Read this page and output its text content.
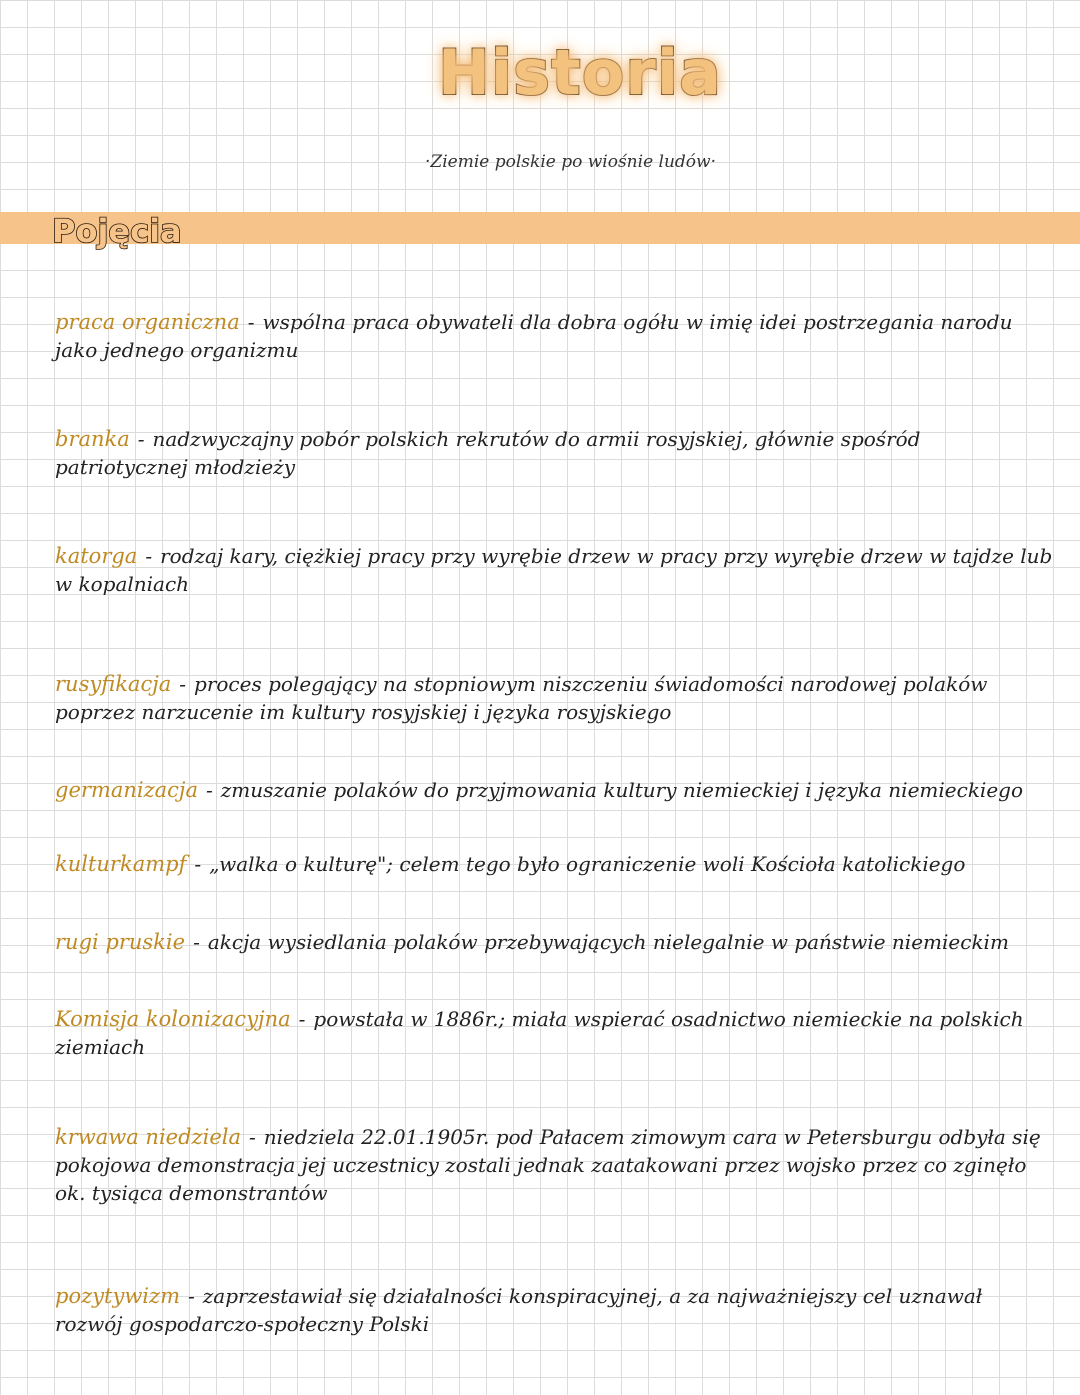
Historia
·Ziemie polskie po wiośnie ludów·
Pojęcia
praca organiczna - wspólna praca obywateli dla dobra ogółu w imię idei postrzegania narodu jako jednego organizmu
branka - nadzwyczajny pobór polskich rekrutów do armii rosyjskiej, głównie spośród patriotycznej młodzieży
katorga - rodzaj kary, ciężkiej pracy przy wyrębie drzew w pracy przy wyrębie drzew w tajdze lub w kopalniach
rusyfikacja - proces polegający na stopniowym niszczeniu świadomości narodowej polaków poprzez narzucenie im kultury rosyjskiej i języka rosyjskiego
germanizacja - zmuszanie polaków do przyjmowania kultury niemieckiej i języka niemieckiego
kulturkampf - „walka o kulturę"; celem tego było ograniczenie woli Kościoła katolickiego
rugi pruskie - akcja wysiedlania polaków przebywających nielegalnie w państwie niemieckim
Komisja kolonizacyjna - powstała w 1886r.; miała wspierać osadnictwo niemieckie na polskich ziemiach
krwawa niedziela - niedziela 22.01.1905r. pod Pałacem zimowym cara w Petersburgu odbyła się pokojowa demonstracja jej uczestnicy zostali jednak zaatakowani przez wojsko przez co zginęło ok. tysiąca demonstrantów
pozytywizm - zaprzestawiał się działalności konspiracyjnej, a za najważniejszy cel uznawał rozwój gospodarczo-społeczny Polski
